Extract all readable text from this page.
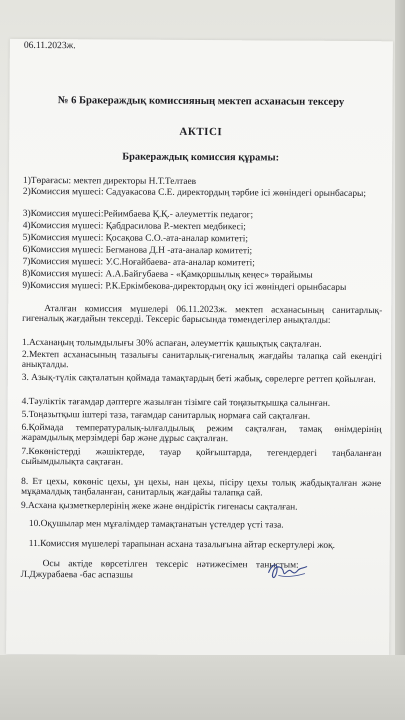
06.11.2023ж.
№ 6 Бракераждық комиссияның мектеп асханасын тексеру
АКТІСІ
Бракераждық комиссия құрамы:
1)Төрағасы: мектеп директоры Н.Т.Телтаев
2)Комиссия мүшесі: Садуакасова С.Е. директордың тәрбие ісі жөніндегі орынбасары;
3)Комиссия мүшесі:Рейимбаева Қ.Қ.- әлеуметтік педагог;
4)Комиссия мүшесі: Қабдрасилова Р.-мектеп медбикесі;
5)Комиссия мүшесі: Қосақова С.О.-ата-аналар комитеті;
6)Комиссия мүшесі: Бегманова Д.Н -ата-аналар комитеті;
7)Комиссия мүшесі: У.С.Ноғайбаева- ата-аналар комитеті;
8)Комиссия мүшесі: А.А.Байгубаева - «Қамқоршылық кеңес» төрайымы
9)Комиссия мүшесі: Р.К.Еркімбекова-директордың оқу ісі жөніндегі орынбасары
Аталған комиссия мүшелері 06.11.2023ж. мектеп асханасының санитарлық-гигеналық жағдайын тексерді. Тексеріс барысында төмендегілер анықталды:
1.Асханаңың толымдылығы 30% аспаған, әлеуметтік қашықтық сақталған.
2.Мектеп асханасының тазалығы санитарлық-гигеналық жағдайы талапқа сай екендігі анықталды.
3. Азық-түлік сақталатын қоймада тамақтардың беті жабық, сөрелерге реттеп қойылған.
4.Тәуліктік тағамдар дәптерге жазылған тізімге сай тоңазытқышқа салынған.
5.Тоңазытқыш іштері таза, тағамдар санитарлық нормаға сай сақталған.
6.Қоймада температуралық-ылғалдылық режим сақталған, тамақ өнімдерінің жарамдылық мерзімдері бар және дұрыс сақталған.
7.Көкөністерді жәшіктерде, тауар қойғыштарда, тегендердегі таңбаланған сыйымдылықта сақтаған.
8. Ет цехы, көкөніс цехы, ұн цехы, нан цехы, пісіру цехы толық жабдықталған және мұқамалдық таңбаланған, санитарлық жағдайы талапқа сай.
9.Асхана қызметкерлерінің жеке және өндірістік гигенасы сақталған.
10.Оқушылар мен мұғалімдер тамақтанатын үстелдер үсті таза.
11.Комиссия мүшелері тарапынан асхана тазалығына айтар ескертулері жоқ.
Осы актіде көрсетілген тексеріс нәтижесімен таныстым:
Л.Джурабаева -бас аспазшы
